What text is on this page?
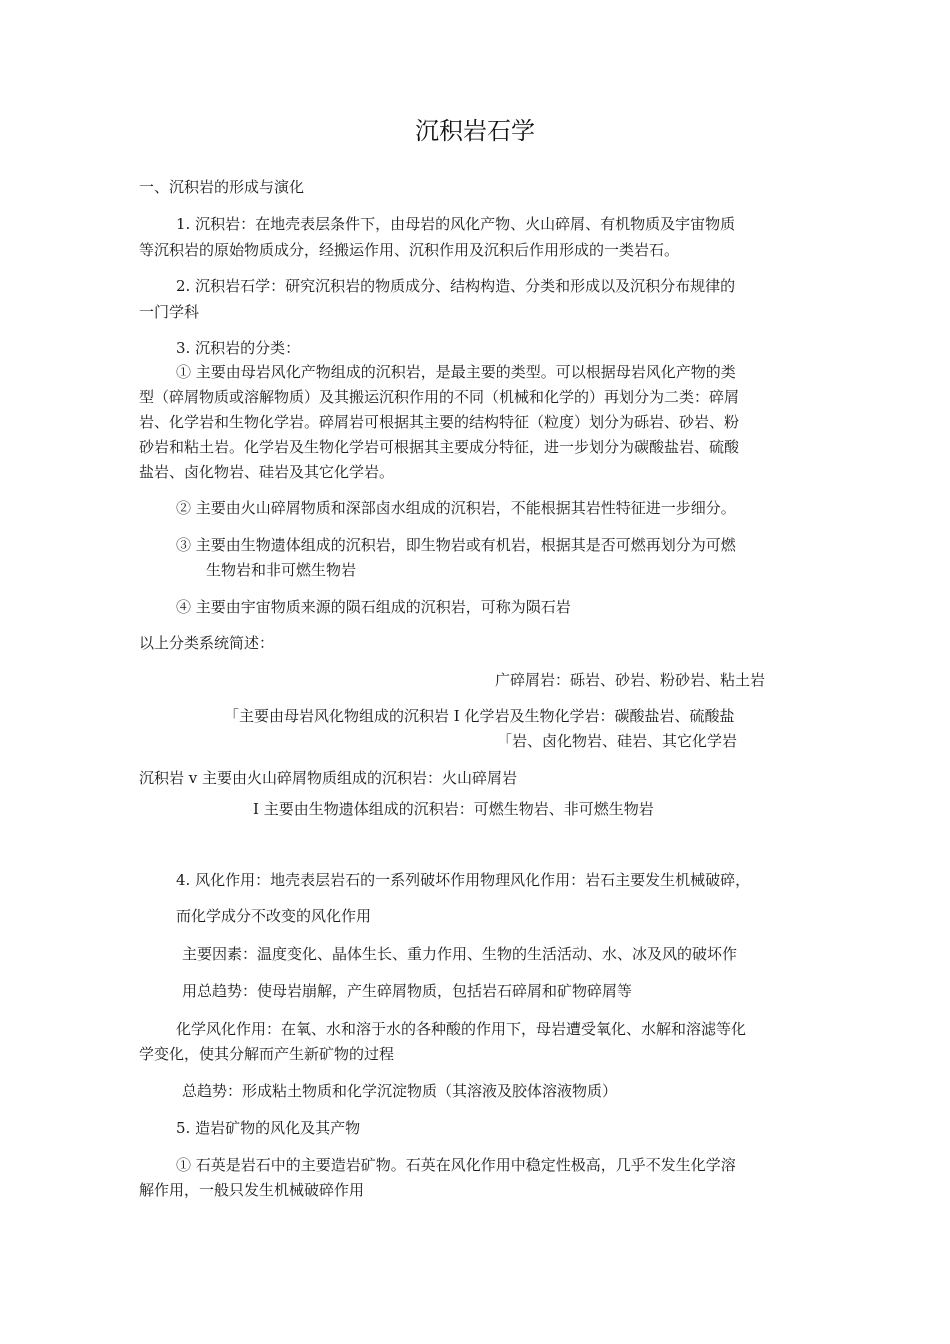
沉积岩石学
一、沉积岩的形成与演化
1. 沉积岩：在地壳表层条件下，由母岩的风化产物、火山碎屑、有机物质及宇宙物质
等沉积岩的原始物质成分，经搬运作用、沉积作用及沉积后作用形成的一类岩石。
2. 沉积岩石学：研究沉积岩的物质成分、结构构造、分类和形成以及沉积分布规律的
一门学科
3. 沉积岩的分类：
① 主要由母岩风化产物组成的沉积岩，是最主要的类型。可以根据母岩风化产物的类
型（碎屑物质或溶解物质）及其搬运沉积作用的不同（机械和化学的）再划分为二类：碎屑
岩、化学岩和生物化学岩。碎屑岩可根据其主要的结构特征（粒度）划分为砾岩、砂岩、粉
砂岩和粘土岩。化学岩及生物化学岩可根据其主要成分特征，进一步划分为碳酸盐岩、硫酸
盐岩、卤化物岩、硅岩及其它化学岩。
② 主要由火山碎屑物质和深部卤水组成的沉积岩，不能根据其岩性特征进一步细分。
③ 主要由生物遗体组成的沉积岩，即生物岩或有机岩，根据其是否可燃再划分为可燃
生物岩和非可燃生物岩
④ 主要由宇宙物质来源的陨石组成的沉积岩，可称为陨石岩
以上分类系统简述：
广碎屑岩：砾岩、砂岩、粉砂岩、粘土岩
「主要由母岩风化物组成的沉积岩 I 化学岩及生物化学岩：碳酸盐岩、硫酸盐
「岩、卤化物岩、硅岩、其它化学岩
沉积岩 v 主要由火山碎屑物质组成的沉积岩：火山碎屑岩
I 主要由生物遗体组成的沉积岩：可燃生物岩、非可燃生物岩
4. 风化作用：地壳表层岩石的一系列破坏作用物理风化作用：岩石主要发生机械破碎，
而化学成分不改变的风化作用
主要因素：温度变化、晶体生长、重力作用、生物的生活活动、水、冰及风的破坏作
用总趋势：使母岩崩解，产生碎屑物质，包括岩石碎屑和矿物碎屑等
化学风化作用：在氧、水和溶于水的各种酸的作用下，母岩遭受氧化、水解和溶滤等化
学变化，使其分解而产生新矿物的过程
总趋势：形成粘土物质和化学沉淀物质（其溶液及胶体溶液物质）
5. 造岩矿物的风化及其产物
① 石英是岩石中的主要造岩矿物。石英在风化作用中稳定性极高，几乎不发生化学溶
解作用，一般只发生机械破碎作用
